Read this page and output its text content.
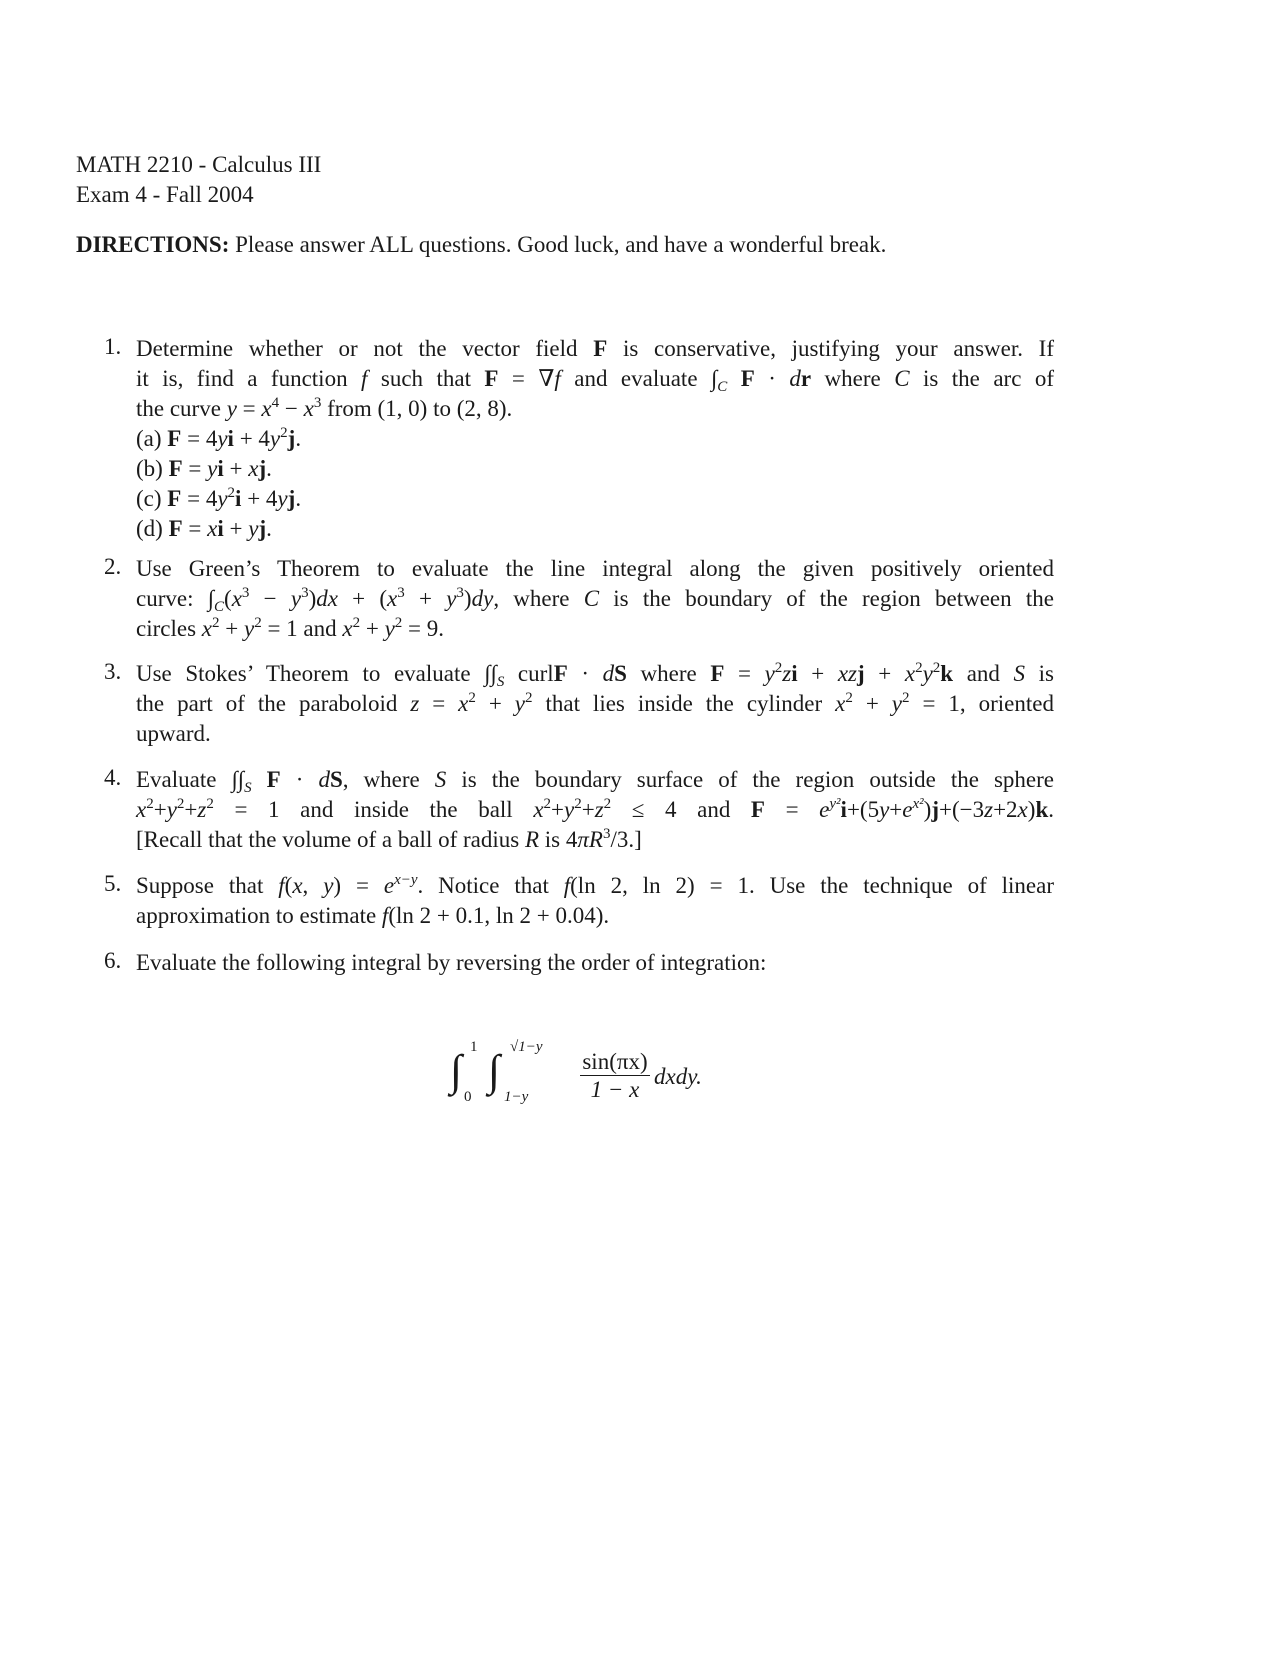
MATH 2210 - Calculus III
Exam 4 - Fall 2004
DIRECTIONS: Please answer ALL questions. Good luck, and have a wonderful break.
1. Determine whether or not the vector field F is conservative, justifying your answer. If
it is, find a function f such that F = ∇f and evaluate $\int_C$ F · dr where C is the arc of
the curve $y = x^4 - x^3$ from (1, 0) to (2, 8).
(a) $F = 4yi + 4y^2j$.
(b) F = yi + xj.
(c) $F = 4y^2i + 4yj$.
(d) F = xi + yj.
2. Use Green’s Theorem to evaluate the line integral along the given positively oriented
curve: $\int_C(x^3 - y^3)dx + (x^3 + y^3)dy$, where C is the boundary of the region between the
circles $x^2 + y^2 = 1$ and $x^2 + y^2 = 9$.
3. Use Stokes’ Theorem to evaluate $\int\int_S$ curlF · dS where $F = y^2zi$ + xzj + $x^2y^2k$ and S is
the part of the paraboloid $z = x^2 + y^2$ that lies inside the cylinder $x^2 + y^2 = 1$, oriented
upward.
4. Evaluate $\int\int_S$ F · dS, where S is the boundary surface of the region outside the sphere
$x^2+y^2+z^2 = 1$ and inside the ball $x^2+y^2+z^2 \le 4$ and $F = e^{y^2}i+(5y+e^{x^2})j+(-3z+2x)k$.
[Recall that the volume of a ball of radius R is $4\pi R^3/3$.]
5. Suppose that f(x, $y) = e^{x-y}$. Notice that f(ln 2, ln 2) = 1. Use the technique of linear
approximation to estimate f(ln 2 + 0.1, ln 2 + 0.04).
6. Evaluate the following integral by reversing the order of integration:
∫ 1
0
∫ √1−y
$1-y \frac{\sin(\pi x)}{1 - x}$ dxdy.
